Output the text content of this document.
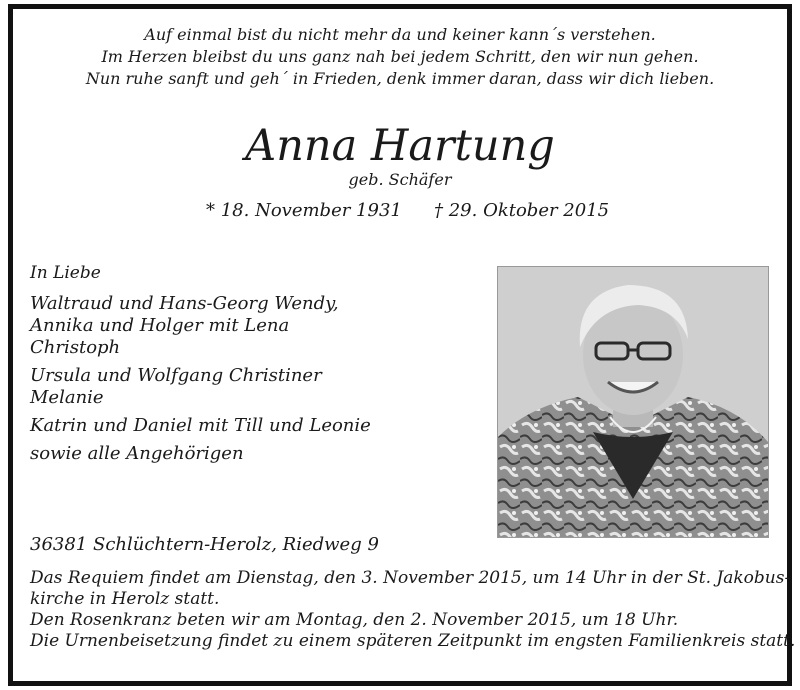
Auf einmal bist du nicht mehr da und keiner kann´s verstehen.
Im Herzen bleibst du uns ganz nah bei jedem Schritt, den wir nun gehen.
Nun ruhe sanft und geh´ in Frieden, denk immer daran, dass wir dich lieben.
Anna Hartung
geb. Schäfer
* 18. November 1931 † 29. Oktober 2015
In Liebe
Waltraud und Hans-Georg Wendy,
Annika und Holger mit Lena
Christoph
Ursula und Wolfgang Christiner
Melanie
Katrin und Daniel mit Till und Leonie
sowie alle Angehörigen
36381 Schlüchtern-Herolz, Riedweg 9
Das Requiem findet am Dienstag, den 3. November 2015, um 14 Uhr in der St. Jakobus-
kirche in Herolz statt.
Den Rosenkranz beten wir am Montag, den 2. November 2015, um 18 Uhr.
Die Urnenbeisetzung findet zu einem späteren Zeitpunkt im engsten Familienkreis statt.
